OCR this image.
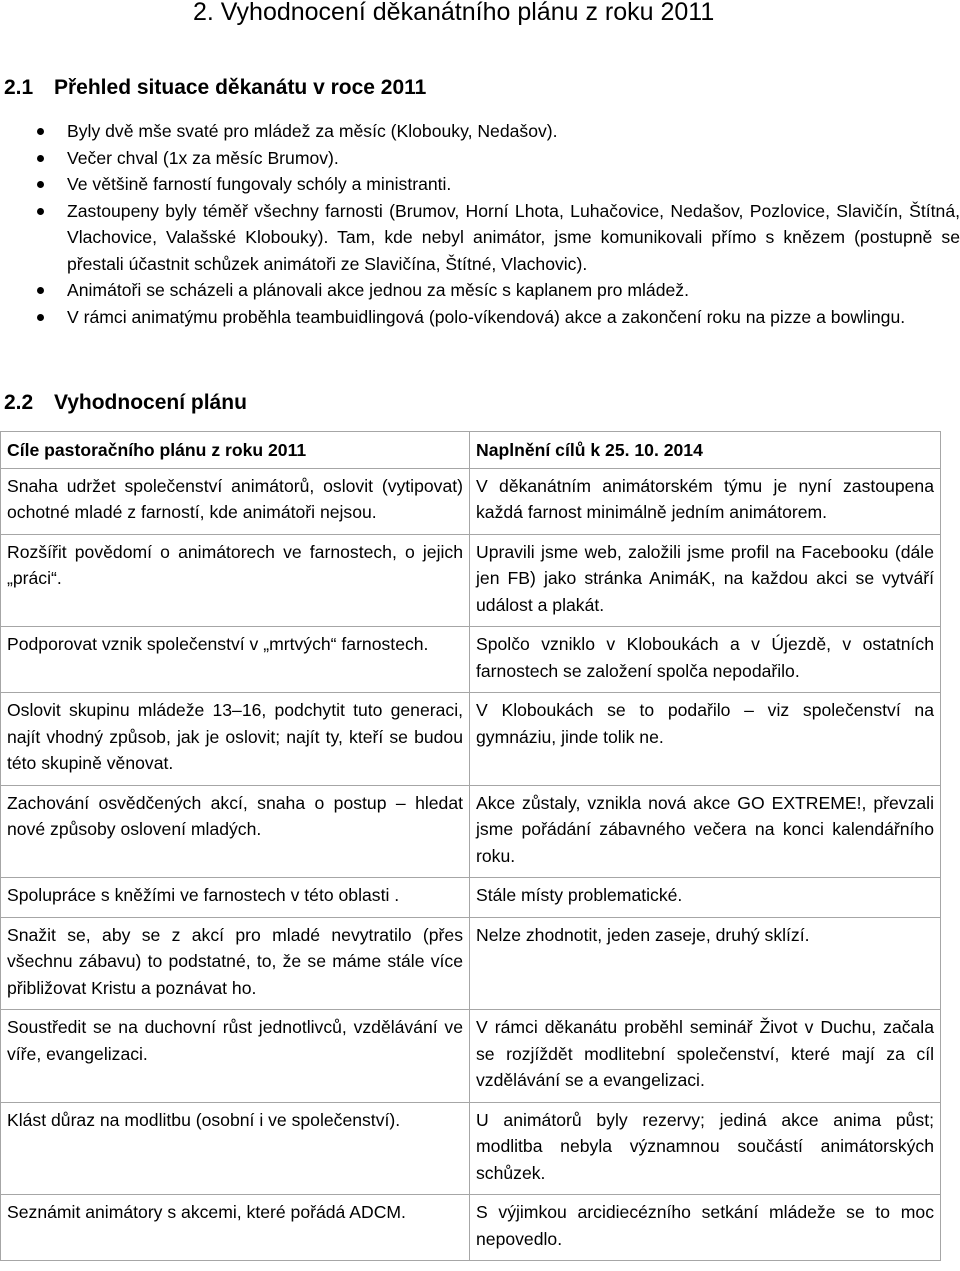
2. Vyhodnocení děkanátního plánu z roku 2011
2.1 Přehled situace děkanátu v roce 2011
Byly dvě mše svaté pro mládež za měsíc (Klobouky, Nedašov).
Večer chval (1x za měsíc Brumov).
Ve většině farností fungovaly schóly a ministranti.
Zastoupeny byly téměř všechny farnosti (Brumov, Horní Lhota, Luhačovice, Nedašov, Pozlovice, Slavičín, Štítná, Vlachovice, Valašské Klobouky). Tam, kde nebyl animátor, jsme komunikovali přímo s knězem (postupně se přestali účastnit schůzek animátoři ze Slavičína, Štítné, Vlachovic).
Animátoři se scházeli a plánovali akce jednou za měsíc s kaplanem pro mládež.
V rámci animatýmu proběhla teambuidlingová (polo-víkendová) akce a zakončení roku na pizze a bowlingu.
2.2 Vyhodnocení plánu
Cíle pastoračního plánu z roku 2011	Naplnění cílů k 25. 10. 2014
Snaha udržet společenství animátorů, oslovit (vytipovat) ochotné mladé z farností, kde animátoři nejsou.	V děkanátním animátorském týmu je nyní zastoupena každá farnost minimálně jedním animátorem.
Rozšířit povědomí o animátorech ve farnostech, o jejich „práci“.	Upravili jsme web, založili jsme profil na Facebooku (dále jen FB) jako stránka AnimáK, na každou akci se vytváří událost a plakát.
Podporovat vznik společenství v „mrtvých“ farnostech.	Spolčo vzniklo v Kloboukách a v Újezdě, v ostatních farnostech se založení spolča nepodařilo.
Oslovit skupinu mládeže 13–16, podchytit tuto generaci, najít vhodný způsob, jak je oslovit; najít ty, kteří se budou této skupině věnovat.	V Kloboukách se to podařilo – viz společenství na gymnáziu, jinde tolik ne.
Zachování osvědčených akcí, snaha o postup – hledat nové způsoby oslovení mladých.	Akce zůstaly, vznikla nová akce GO EXTREME!, převzali jsme pořádání zábavného večera na konci kalendářního roku.
Spolupráce s kněžími ve farnostech v této oblasti .	Stále místy problematické.
Snažit se, aby se z akcí pro mladé nevytratilo (přes všechnu zábavu) to podstatné, to, že se máme stále více přibližovat Kristu a poznávat ho.	Nelze zhodnotit, jeden zaseje, druhý sklízí.
Soustředit se na duchovní růst jednotlivců, vzdělávání ve víře, evangelizaci.	V rámci děkanátu proběhl seminář Život v Duchu, začala se rozjíždět modlitební společenství, které mají za cíl vzdělávání se a evangelizaci.
Klást důraz na modlitbu (osobní i ve společenství).	U animátorů byly rezervy; jediná akce anima půst; modlitba nebyla významnou součástí animátorských schůzek.
Seznámit animátory s akcemi, které pořádá ADCM.	S výjimkou arcidiecézního setkání mládeže se to moc nepovedlo.
